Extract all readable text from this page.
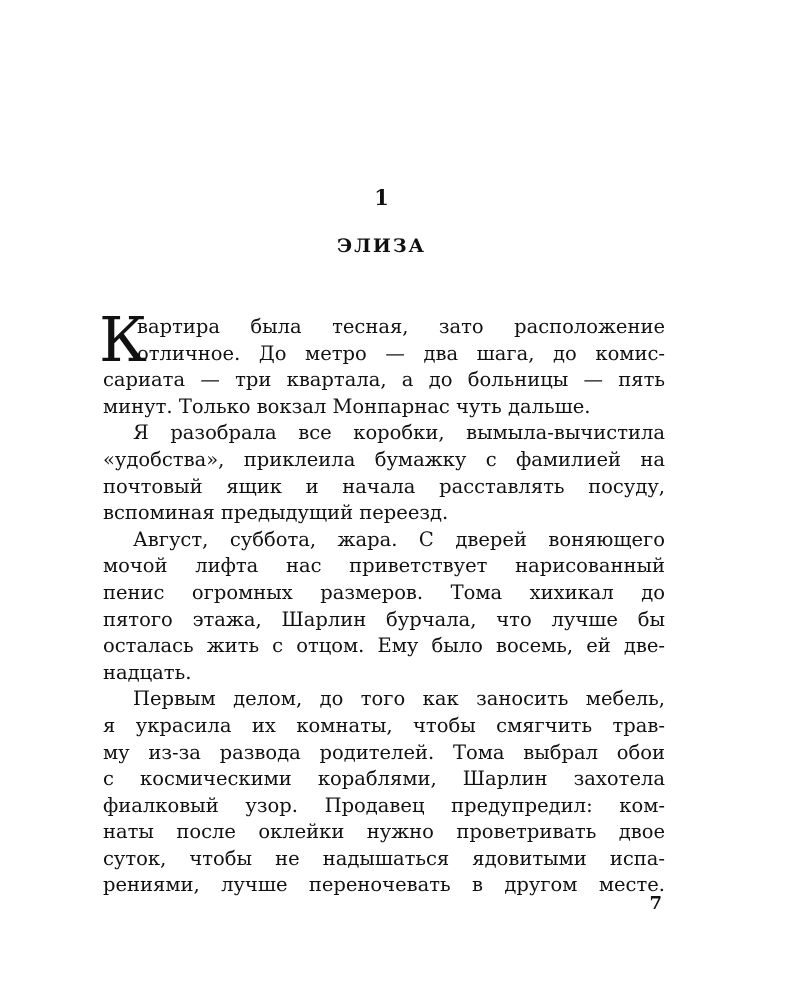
1
ЭЛИЗА
К
вартира была тесная, зато расположение
отличное. До метро — два шага, до комис-
сариата — три квартала, а до больницы — пять
минут. Только вокзал Монпарнас чуть дальше.
Я разобрала все коробки, вымыла-вычистила
«удобства», приклеила бумажку с фамилией на
почтовый ящик и начала расставлять посуду,
вспоминая предыдущий переезд.
Август, суббота, жара. С дверей воняющего
мочой лифта нас приветствует нарисованный
пенис огромных размеров. Тома хихикал до
пятого этажа, Шарлин бурчала, что лучше бы
осталась жить с отцом. Ему было восемь, ей две-
надцать.
Первым делом, до того как заносить мебель,
я украсила их комнаты, чтобы смягчить трав-
му из-за развода родителей. Тома выбрал обои
с космическими кораблями, Шарлин захотела
фиалковый узор. Продавец предупредил: ком-
наты после оклейки нужно проветривать двое
суток, чтобы не надышаться ядовитыми испа-
рениями, лучше переночевать в другом месте.
7
